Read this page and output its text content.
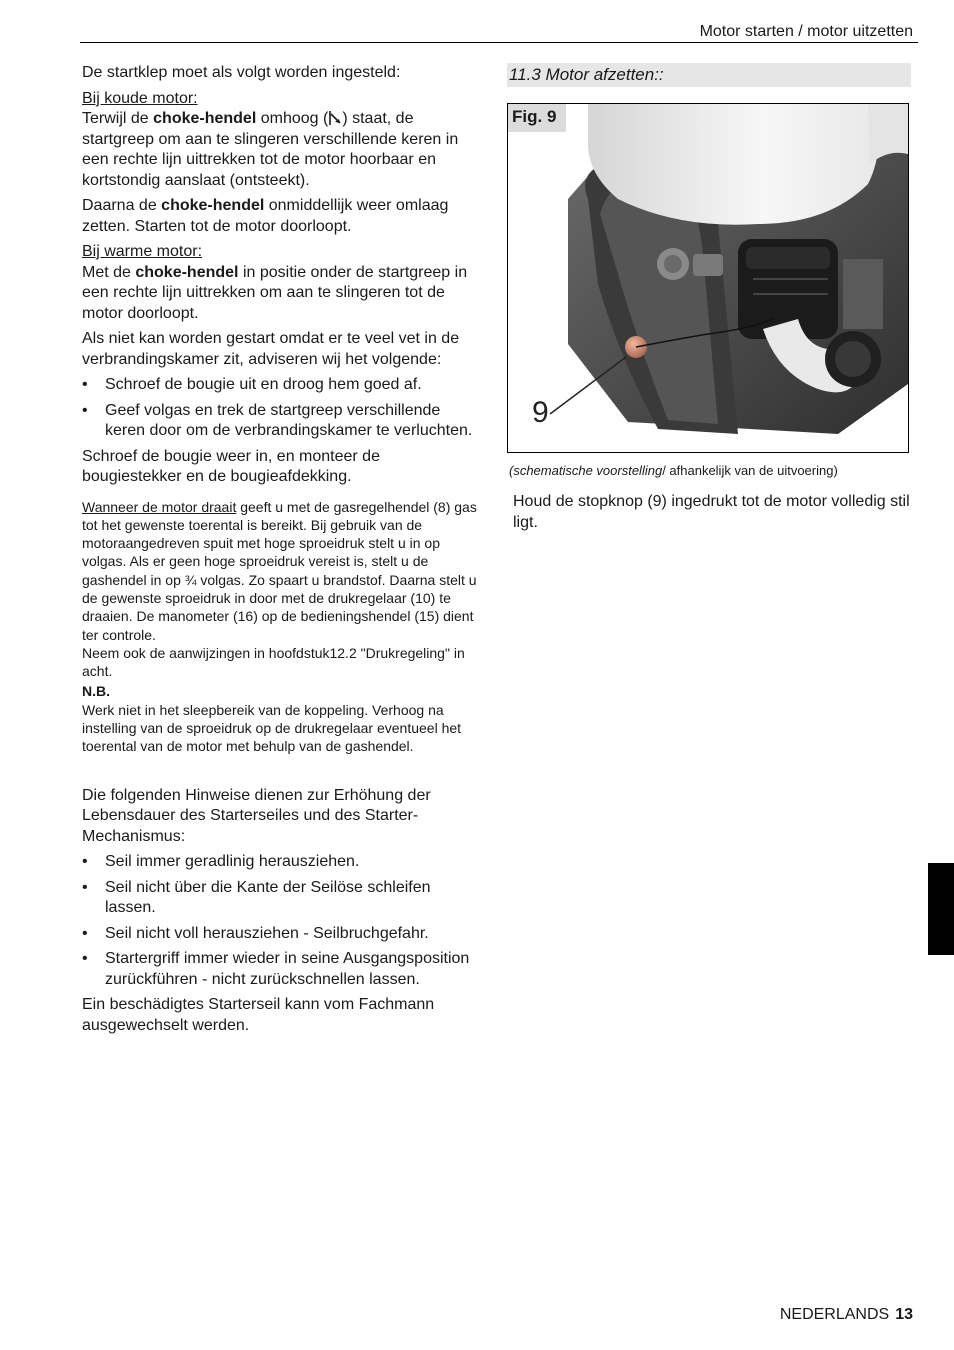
Motor starten / motor uitzetten

De startklep moet als volgt worden ingesteld:

Bij koude motor:

Terwijl de choke-hendel omhoog ( ) staat, de startgreep om aan te slingeren verschillende keren in een rechte lijn uittrekken tot de motor hoorbaar en kortstondig aanslaat (ontsteekt).

Daarna de choke-hendel onmiddellijk weer omlaag zetten. Starten tot de motor doorloopt.

Bij warme motor:

Met de choke-hendel in positie onder de startgreep in een rechte lijn uittrekken om aan te slingeren tot de motor doorloopt.

Als niet kan worden gestart omdat er te veel vet in de verbrandingskamer zit, adviseren wij het volgende:

• Schroef de bougie uit en droog hem goed af.
• Geef volgas en trek de startgreep verschillende keren door om de verbrandingskamer te verluchten.

Schroef de bougie weer in, en monteer de bougiestekker en de bougieafdekking.

Wanneer de motor draait geeft u met de gasregelhendel (8) gas tot het gewenste toerental is bereikt. Bij gebruik van de motoraangedreven spuit met hoge sproeidruk stelt u in op volgas. Als er geen hoge sproeidruk vereist is, stelt u de gashendel in op ¾ volgas. Zo spaart u brandstof. Daarna stelt u de gewenste sproeidruk in door met de drukregelaar (10) te draaien. De manometer (16) op de bedieningshendel (15) dient ter controle.

Neem ook de aanwijzingen in hoofdstuk12.2 "Drukregeling" in acht.

N.B.

Werk niet in het sleepbereik van de koppeling. Verhoog na instelling van de sproeidruk op de drukregelaar eventueel het toerental van de motor met behulp van de gashendel.

Die folgenden Hinweise dienen zur Erhöhung der Lebensdauer des Starterseiles und des Starter-Mechanismus:

• Seil immer geradlinig herausziehen.
• Seil nicht über die Kante der Seilöse schleifen lassen.
• Seil nicht voll herausziehen - Seilbruchgefahr.
• Startergriff immer wieder in seine Ausgangsposition zurückführen - nicht zurückschnellen lassen.

Ein beschädigtes Starterseil kann vom Fachmann ausgewechselt werden.

11.3 Motor afzetten::
Fig. 9
9
(schematische voorstelling/ afhankelijk van de uitvoering)
Houd de stopknop (9) ingedrukt tot de motor volledig stil ligt.
NEDERLANDS 13
